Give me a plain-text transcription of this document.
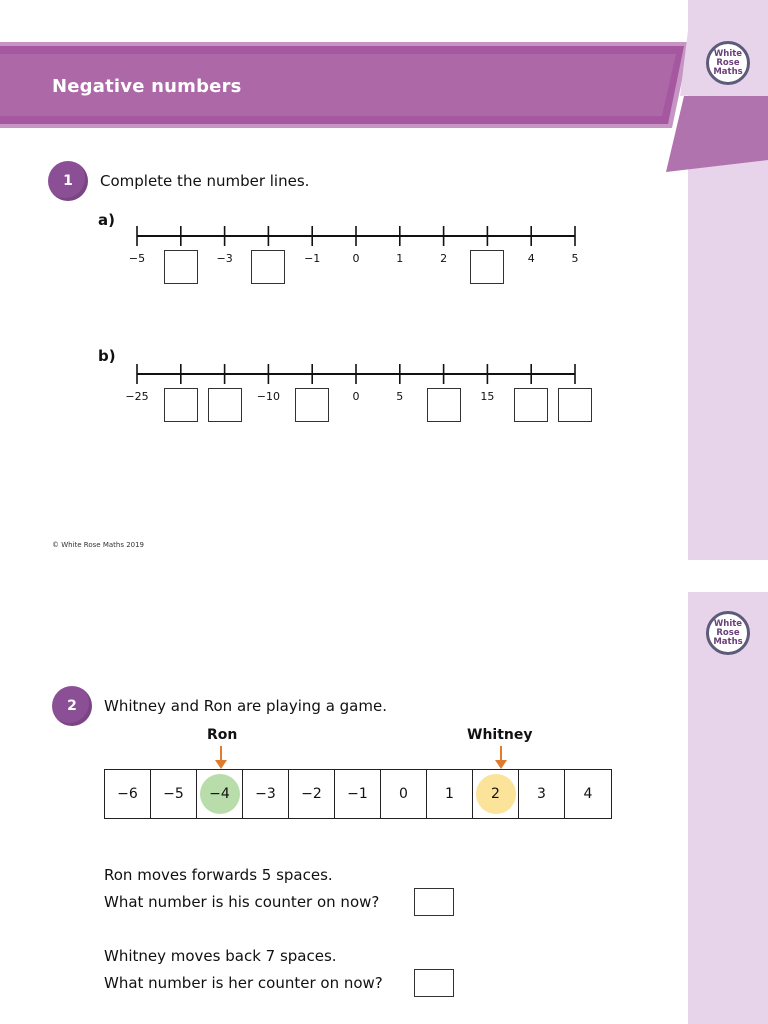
Negative numbers
White
Rose
Maths
1 Complete the number lines.

a)

−5	−3	−1	0	1	2	4	5

b)

−25	−10	0	5	15

© White Rose Maths 2019

White
Rose
Maths
2 Whitney and Ron are playing a game.

Ron	Whitney

−6 −5 −4 −3 −2 −1 0	1	2	3	4

Ron moves forwards 5 spaces.

What number is his counter on now?

Whitney moves back 7 spaces.

What number is her counter on now?
